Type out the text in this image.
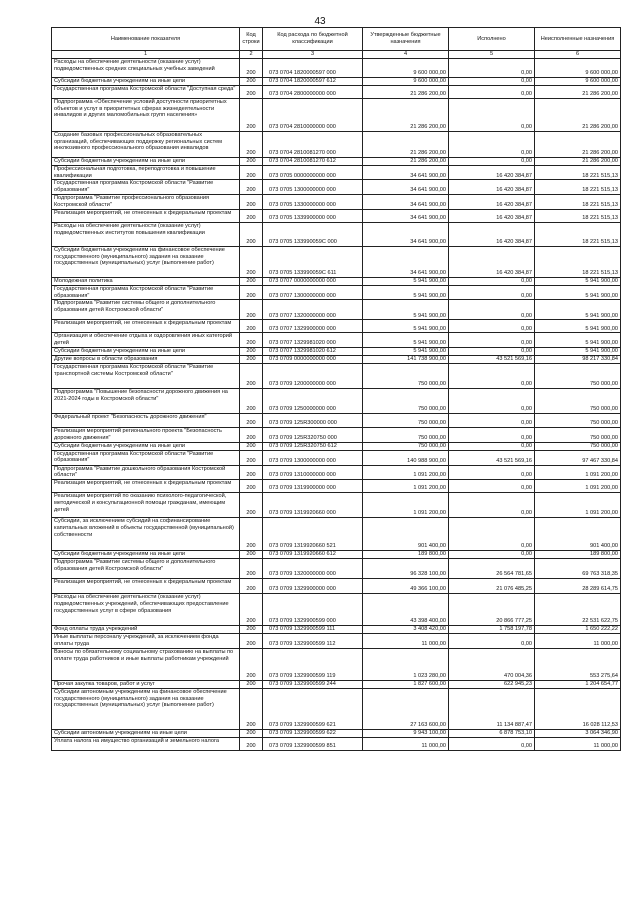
43
Наименование показателя	Код строки	Код расхода по бюджетной классификации	Утвержденные бюджетные назначения	Исполнено	Неисполненные назначения
1	2	3	4	5	6
Расходы на обеспечение деятельности (оказание услуг) подведомственных средних специальных учебных заведений	200	073 0704 1820000597 000	9 600 000,00	0,00	9 600 000,00
Субсидии бюджетным учреждениям на иные цели	200	073 0704 1820000597 612	9 600 000,00	0,00	9 600 000,00
Государственная программа Костромской области "Доступная среда"	200	073 0704 2800000000 000	21 286 200,00	0,00	21 286 200,00
Подпрограмма «Обеспечение условий доступности приоритетных объектов и услуг в приоритетных сферах жизнедеятельности инвалидов и других маломобильных групп населения»	200	073 0704 2810000000 000	21 286 200,00	0,00	21 286 200,00
Создание базовых профессиональных образовательных организаций, обеспечивающих поддержку региональных систем инклюзивного профессионального образования инвалидов	200	073 0704 2810081270 000	21 286 200,00	0,00	21 286 200,00
Субсидии бюджетным учреждениям на иные цели	200	073 0704 2810081270 612	21 286 200,00	0,00	21 286 200,00
Профессиональная подготовка, переподготовка и повышение квалификации	200	073 0705 0000000000 000	34 641 900,00	16 420 384,87	18 221 515,13
Государственная программа Костромской области "Развитие образования"	200	073 0705 1300000000 000	34 641 900,00	16 420 384,87	18 221 515,13
Подпрограмма "Развитие профессионального образования Костромской области"	200	073 0705 1330000000 000	34 641 900,00	16 420 384,87	18 221 515,13
Реализация мероприятий, не отнесенных к федеральным проектам	200	073 0705 1339900000 000	34 641 900,00	16 420 384,87	18 221 515,13
Расходы на обеспечение деятельности (оказание услуг) подведомственных институтов повышения квалификации	200	073 0705 133990059С 000	34 641 900,00	16 420 384,87	18 221 515,13
Субсидии бюджетным учреждениям на финансовое обеспечение государственного (муниципального) задания на оказание государственных (муниципальных) услуг (выполнение работ)	200	073 0705 133990059С 611	34 641 900,00	16 420 384,87	18 221 515,13
Молодежная политика	200	073 0707 0000000000 000	5 941 900,00	0,00	5 941 900,00
Государственная программа Костромской области "Развитие образования"	200	073 0707 1300000000 000	5 941 900,00	0,00	5 941 900,00
Подпрограмма "Развитие системы общего и дополнительного образования детей Костромской области"	200	073 0707 1320000000 000	5 941 900,00	0,00	5 941 900,00
Реализация мероприятий, не отнесенных к федеральным проектам	200	073 0707 1329900000 000	5 941 900,00	0,00	5 941 900,00
Организация и обеспечение отдыха и оздоровления иных категорий детей	200	073 0707 1329981020 000	5 941 900,00	0,00	5 941 900,00
Субсидии бюджетным учреждениям на иные цели	200	073 0707 1329981020 612	5 941 900,00	0,00	5 941 900,00
Другие вопросы в области образования	200	073 0709 0000000000 000	141 738 900,00	43 521 569,16	98 217 330,84
Государственная программа Костромской области "Развитие транспортной системы Костромской области"	200	073 0709 1200000000 000	750 000,00	0,00	750 000,00
Подпрограмма "Повышение безопасности дорожного движения на 2021-2024 годы в Костромской области"	200	073 0709 1250000000 000	750 000,00	0,00	750 000,00
Федеральный проект "Безопасность дорожного движения"	200	073 0709 125R300000 000	750 000,00	0,00	750 000,00
Реализация мероприятий регионального проекта "Безопасность дорожного движения"	200	073 0709 125R320750 000	750 000,00	0,00	750 000,00
Субсидии бюджетным учреждениям на иные цели	200	073 0709 125R320750 612	750 000,00	0,00	750 000,00
Государственная программа Костромской области "Развитие образования"	200	073 0709 1300000000 000	140 988 900,00	43 521 569,16	97 467 330,84
Подпрограмма "Развитие дошкольного образования Костромской области"	200	073 0709 1310000000 000	1 091 200,00	0,00	1 091 200,00
Реализация мероприятий, не отнесенных к федеральным проектам	200	073 0709 1319900000 000	1 091 200,00	0,00	1 091 200,00
Реализация мероприятий по оказанию психолого-педагогической, методической и консультационной помощи гражданам, имеющим детей	200	073 0709 1319920660 000	1 091 200,00	0,00	1 091 200,00
Субсидии, за исключением субсидий на софинансирование капитальных вложений в объекты государственной (муниципальной) собственности	200	073 0709 1319920660 521	901 400,00	0,00	901 400,00
Субсидии бюджетным учреждениям на иные цели	200	073 0709 1319920660 612	189 800,00	0,00	189 800,00
Подпрограмма "Развитие системы общего и дополнительного образования детей Костромской области"	200	073 0709 1320000000 000	96 328 100,00	26 564 781,65	69 763 318,35
Реализация мероприятий, не отнесенных к федеральным проектам	200	073 0709 1329900000 000	49 366 100,00	21 076 485,25	28 289 614,75
Расходы на обеспечение деятельности (оказание услуг) подведомственных учреждений, обеспечивающих предоставление государственных услуг в сфере образования	200	073 0709 1329900599 000	43 398 400,00	20 866 777,25	22 531 622,75
Фонд оплаты труда учреждений	200	073 0709 1329900599 111	3 408 420,00	1 758 197,78	1 650 222,22
Иные выплаты персоналу учреждений, за исключением фонда оплаты труда	200	073 0709 1329900599 112	11 000,00	0,00	11 000,00
Взносы по обязательному социальному страхованию на выплаты по оплате труда работников и иные выплаты работникам учреждений	200	073 0709 1329900599 119	1 023 280,00	470 004,36	553 275,64
Прочая закупка товаров, работ и услуг	200	073 0709 1329900599 244	1 827 600,00	622 945,23	1 204 654,77
Субсидии автономным учреждениям на финансовое обеспечение государственного (муниципального) задания на оказание государственных (муниципальных) услуг (выполнение работ)	200	073 0709 1329900599 621	27 163 600,00	11 134 887,47	16 028 112,53
Субсидии автономным учреждениям на иные цели	200	073 0709 1329900599 622	9 943 100,00	6 878 753,10	3 064 346,90
Уплата налога на имущество организаций и земельного налога	200	073 0709 1329900599 851	11 000,00	0,00	11 000,00
